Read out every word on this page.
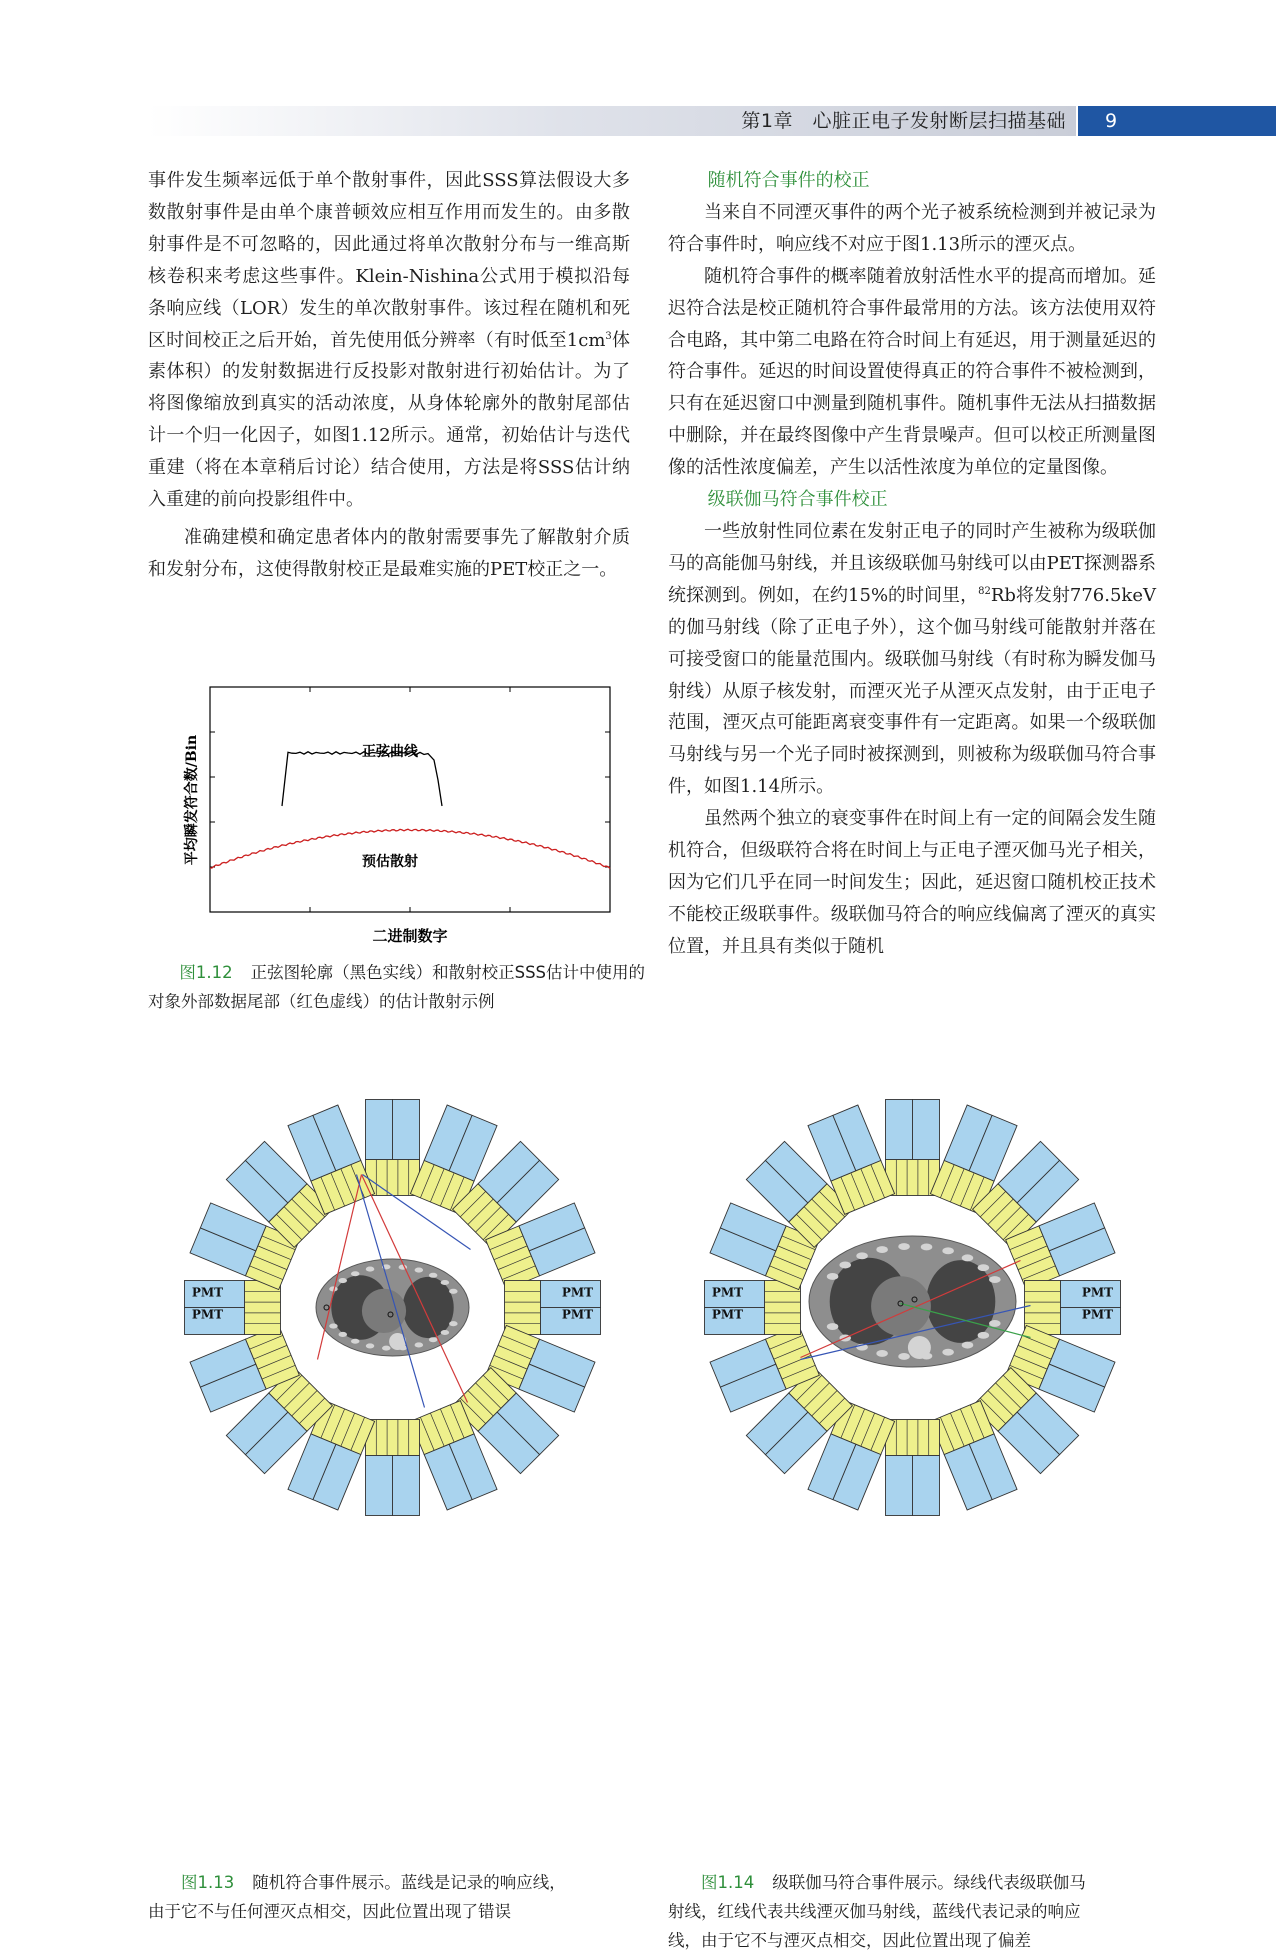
第1章　心脏正电子发射断层扫描基础 9

事件发生频率远低于单个散射事件，因此SSS算法假设大多数散射事件是由单个康普顿效应相互作用而发生的。由多散射事件是不可忽略的，因此通过将单次散射分布与一维高斯核卷积来考虑这些事件。Klein-Nishina公式用于模拟沿每条响应线（LOR）发生的单次散射事件。该过程在随机和死区时间校正之后开始，首先使用低分辨率（有时低至$1cm^3$体素体积）的发射数据进行反投影对散射进行初始估计。为了将图像缩放到真实的活动浓度，从身体轮廓外的散射尾部估计一个归一化因子，如图1.12所示。通常，初始估计与迭代重建（将在本章稍后讨论）结合使用，方法是将SSS估计纳入重建的前向投影组件中。

准确建模和确定患者体内的散射需要事先了解散射介质和发射分布，这使得散射校正是最难实施的PET校正之一。

随机符合事件的校正

当来自不同湮灭事件的两个光子被系统检测到并被记录为符合事件时，响应线不对应于图1.13所示的湮灭点。

随机符合事件的概率随着放射活性水平的提高而增加。延迟符合法是校正随机符合事件最常用的方法。该方法使用双符合电路，其中第二电路在符合时间上有延迟，用于测量延迟的符合事件。延迟的时间设置使得真正的符合事件不被检测到，只有在延迟窗口中测量到随机事件。随机事件无法从扫描数据中删除，并在最终图像中产生背景噪声。但可以校正所测量图像的活性浓度偏差，产生以活性浓度为单位的定量图像。

级联伽马符合事件校正

一些放射性同位素在发射正电子的同时产生被称为级联伽马的高能伽马射线，并且该级联伽马射线可以由PET探测器系统探测到。例如，在约15%的时间里，$^{82}$Rb将发射776.5keV的伽马射线（除了正电子外），这个伽马射线可能散射并落在可接受窗口的能量范围内。级联伽马射线（有时称为瞬发伽马射线）从原子核发射，而湮灭光子从湮灭点发射，由于正电子范围，湮灭点可能距离衰变事件有一定距离。如果一个级联伽马射线与另一个光子同时被探测到，则被称为级联伽马符合事件，如图1.14所示。

虽然两个独立的衰变事件在时间上有一定的间隔会发生随机符合，但级联符合将在时间上与正电子湮灭伽马光子相关，因为它们几乎在同一时间发生；因此，延迟窗口随机校正技术不能校正级联事件。级联伽马符合的响应线偏离了湮灭的真实位置，并且具有类似于随机

正弦曲线
预估散射
二进制数字
平均瞬发符合数/Bin
图1.12 正弦图轮廓（黑色实线）和散射校正SSS估计中使用的对象外部数据尾部（红色虚线）的估计散射示例
PMT
PMT
PMT
PMT
PMT
PMT
PMT
PMT
图1.13 随机符合事件展示。蓝线是记录的响应线，
由于它不与任何湮灭点相交，因此位置出现了错误
图1.14 级联伽马符合事件展示。绿线代表级联伽马
射线，红线代表共线湮灭伽马射线，蓝线代表记录的响应
线，由于它不与湮灭点相交，因此位置出现了偏差
